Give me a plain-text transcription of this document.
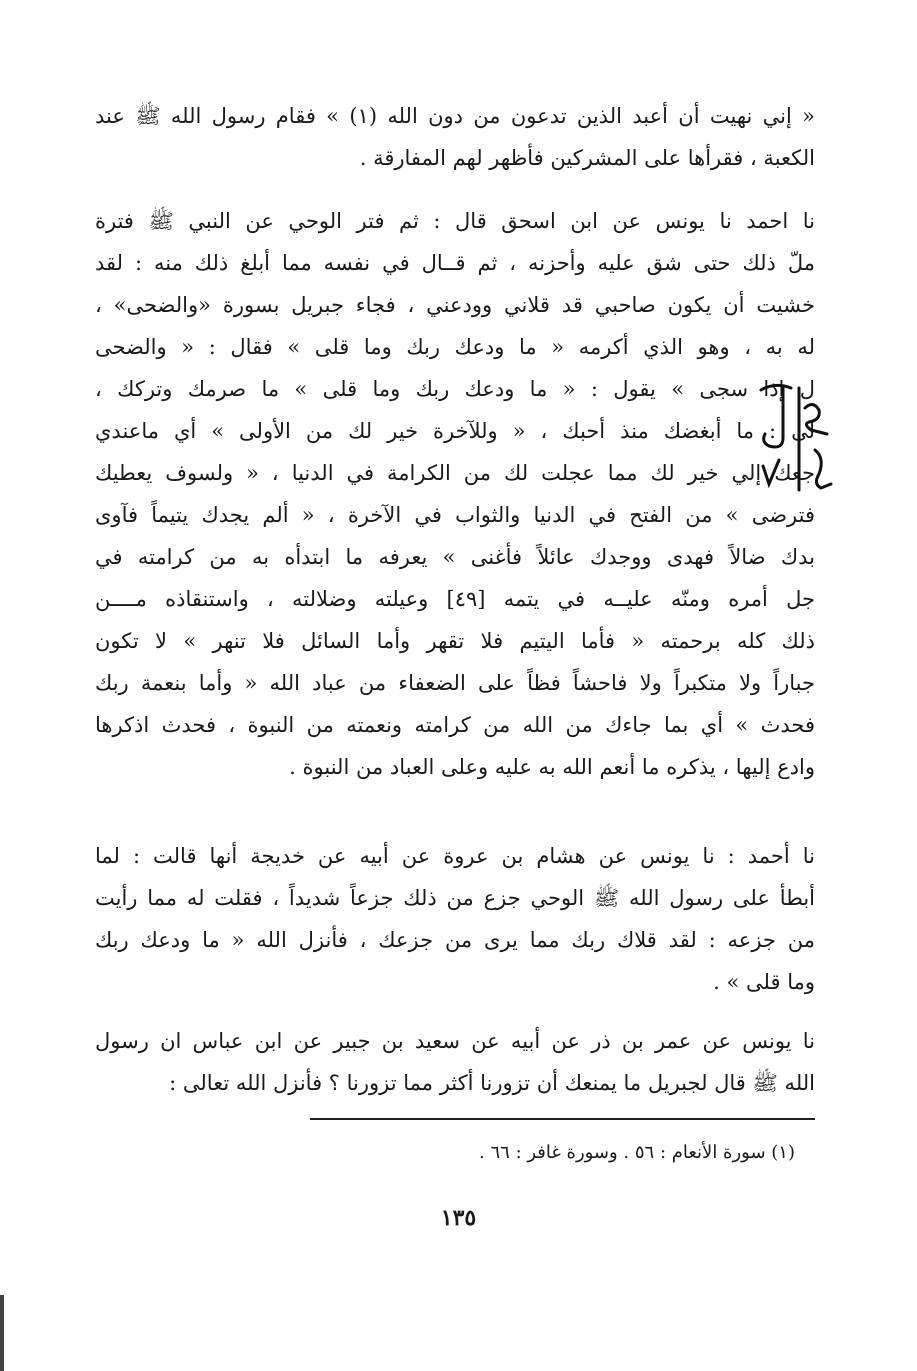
« إني نهيت أن أعبد الذين تدعون من دون الله (١) » فقام رسول الله ﷺ عند
الكعبة ، فقرأها على المشركين فأظهر لهم المفارقة .
نا احمد نا يونس عن ابن اسحق قال : ثم فتر الوحي عن النبي ﷺ فترة
ملّ ذلك حتى شق عليه وأحزنه ، ثم قــال في نفسه مما أبلغ ذلك منه : لقد
خشيت أن يكون صاحبي قد قلاني وودعني ، فجاء جبريل بسورة «والضحى» ،
له به ، وهو الذي أكرمه « ما ودعك ربك وما قلى » فقال : « والضحى
ل إذا سجى » يقول : « ما ودعك ربك وما قلى » ما صرمك وتركك ،
لى : ما أبغضك منذ أحبك ، « وللآخرة خير لك من الأولى » أي ماعندي
جعك إلي خير لك مما عجلت لك من الكرامة في الدنيا ، « ولسوف يعطيك
فترضى » من الفتح في الدنيا والثواب في الآخرة ، « ألم يجدك يتيماً فآوى
بدك ضالاً فهدى ووجدك عائلاً فأغنى » يعرفه ما ابتدأه به من كرامته في
جل أمره ومنّه عليــه في يتمه [٤٩] وعيلته وضلالته ، واستنقاذه مــــن
ذلك كله برحمته « فأما اليتيم فلا تقهر وأما السائل فلا تنهر » لا تكون
جباراً ولا متكبراً ولا فاحشاً فظاً على الضعفاء من عباد الله « وأما بنعمة ربك
فحدث » أي بما جاءك من الله من كرامته ونعمته من النبوة ، فحدث اذكرها
وادع إليها ، يذكره ما أنعم الله به عليه وعلى العباد من النبوة .
نا أحمد : نا يونس عن هشام بن عروة عن أبيه عن خديجة أنها قالت : لما
أبطأ على رسول الله ﷺ الوحي جزع من ذلك جزعاً شديداً ، فقلت له مما رأيت
من جزعه : لقد قلاك ربك مما يرى من جزعك ، فأنزل الله « ما ودعك ربك
وما قلى » .
نا يونس عن عمر بن ذر عن أبيه عن سعيد بن جبير عن ابن عباس ان رسول
الله ﷺ قال لجبريل ما يمنعك أن تزورنا أكثر مما تزورنا ؟ فأنزل الله تعالى :
(١) سورة الأنعام : ٥٦ . وسورة غافر : ٦٦ .
١٣٥
